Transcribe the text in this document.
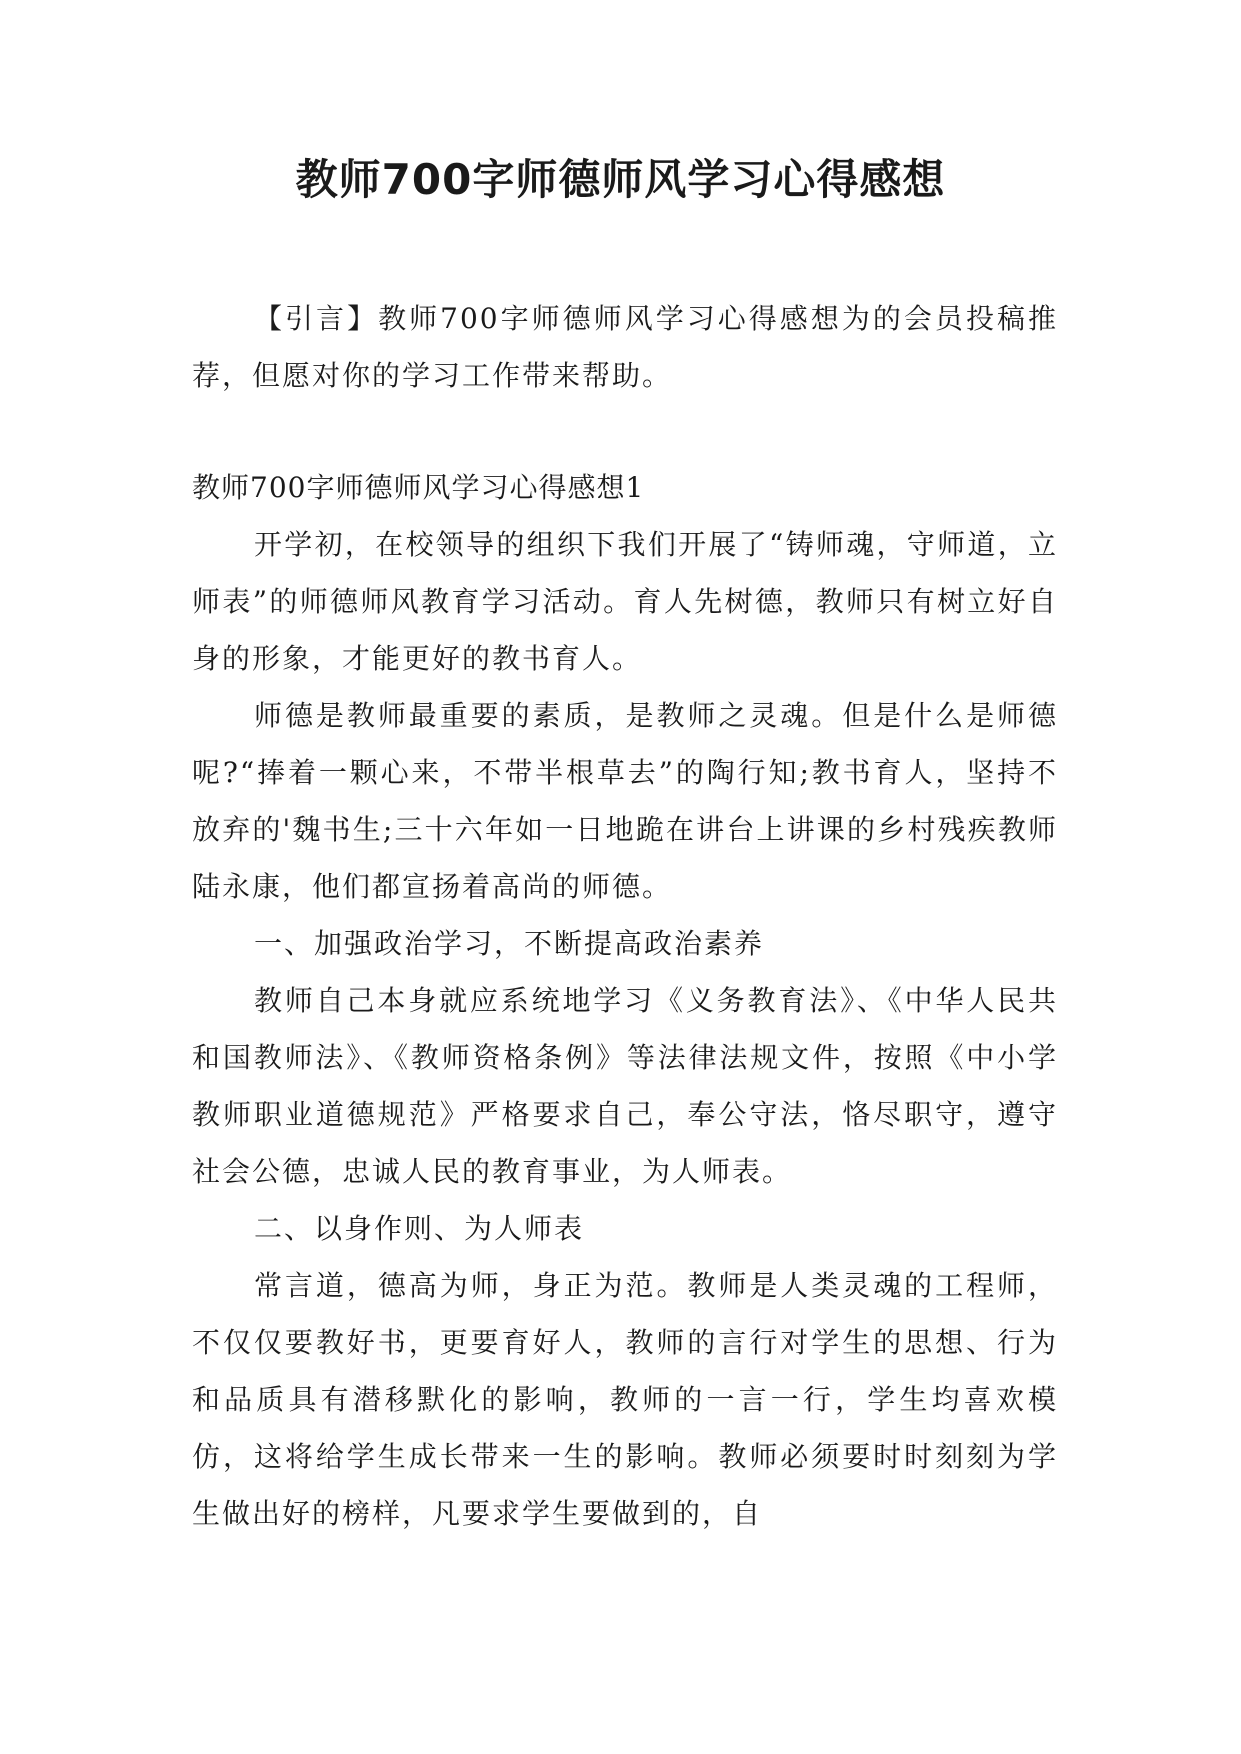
教师700字师德师风学习心得感想
【引言】教师700字师德师风学习心得感想为的会员投稿推荐，但愿对你的学习工作带来帮助。
教师700字师德师风学习心得感想1

开学初，在校领导的组织下我们开展了“铸师魂，守师道，立师表”的师德师风教育学习活动。育人先树德，教师只有树立好自身的形象，才能更好的教书育人。

师德是教师最重要的素质，是教师之灵魂。但是什么是师德呢?“捧着一颗心来，不带半根草去”的陶行知;教书育人，坚持不放弃的'魏书生;三十六年如一日地跪在讲台上讲课的乡村残疾教师陆永康，他们都宣扬着高尚的师德。

一、加强政治学习，不断提高政治素养

教师自己本身就应系统地学习《义务教育法》、《中华人民共和国教师法》、《教师资格条例》等法律法规文件，按照《中小学教师职业道德规范》严格要求自己，奉公守法，恪尽职守，遵守社会公德，忠诚人民的教育事业，为人师表。

二、以身作则、为人师表

常言道，德高为师，身正为范。教师是人类灵魂的工程师，不仅仅要教好书，更要育好人，教师的言行对学生的思想、行为和品质具有潜移默化的影响，教师的一言一行，学生均喜欢模仿，这将给学生成长带来一生的影响。教师必须要时时刻刻为学生做出好的榜样，凡要求学生要做到的，自
